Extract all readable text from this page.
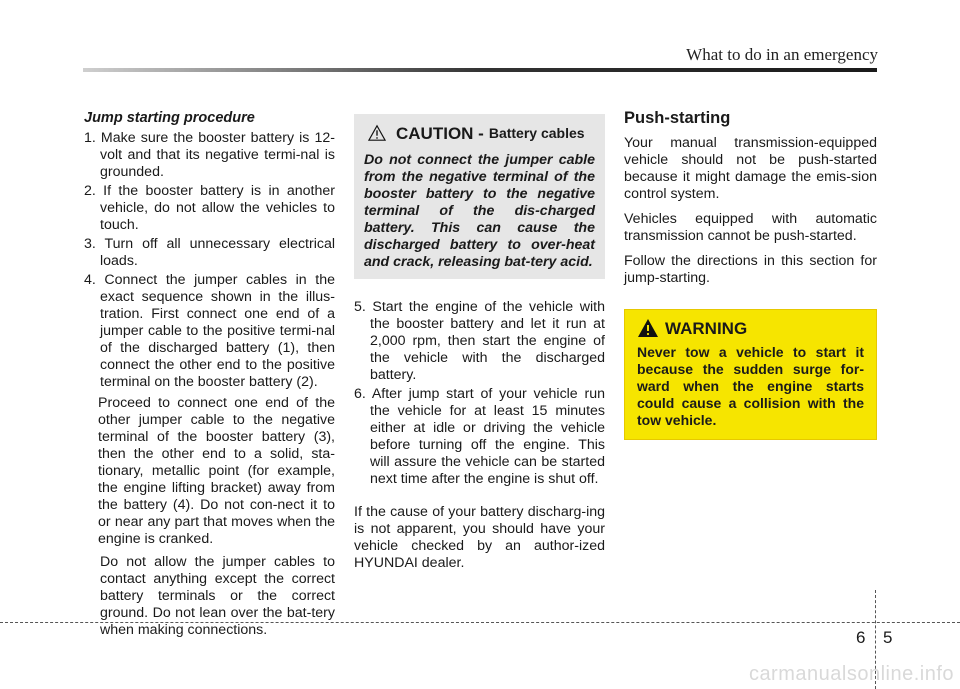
What to do in an emergency
Jump starting procedure
1. Make sure the booster battery is 12-volt and that its negative termi-nal is grounded.
2. If the booster battery is in another vehicle, do not allow the vehicles to touch.
3. Turn off all unnecessary electrical loads.
4. Connect the jumper cables in the exact sequence shown in the illus-tration. First connect one end of a jumper cable to the positive termi-nal of the discharged battery (1), then connect the other end to the positive terminal on the booster battery (2).

Proceed to connect one end of the other jumper cable to the negative terminal of the booster battery (3), then the other end to a solid, sta-tionary, metallic point (for example, the engine lifting bracket) away from the battery (4). Do not con-nect it to or near any part that moves when the engine is cranked.

Do not allow the jumper cables to contact anything except the correct battery terminals or the correct ground. Do not lean over the bat-tery when making connections.

CAUTION - Battery cables
Do not connect the jumper cable from the negative terminal of the booster battery to the negative terminal of the dis-charged battery. This can cause the discharged battery to over-heat and crack, releasing bat-tery acid.
5. Start the engine of the vehicle with the booster battery and let it run at 2,000 rpm, then start the engine of the vehicle with the discharged battery.
6. After jump start of your vehicle run the vehicle for at least 15 minutes either at idle or driving the vehicle before turning off the engine. This will assure the vehicle can be started next time after the engine is shut off.

If the cause of your battery discharg-ing is not apparent, you should have your vehicle checked by an author-ized HYUNDAI dealer.

Push-starting

Your manual transmission-equipped vehicle should not be push-started because it might damage the emis-sion control system.

Vehicles equipped with automatic transmission cannot be push-started.

Follow the directions in this section for jump-starting.

WARNING
Never tow a vehicle to start it because the sudden surge for-ward when the engine starts could cause a collision with the tow vehicle.
6 5
carmanualsonline.info
